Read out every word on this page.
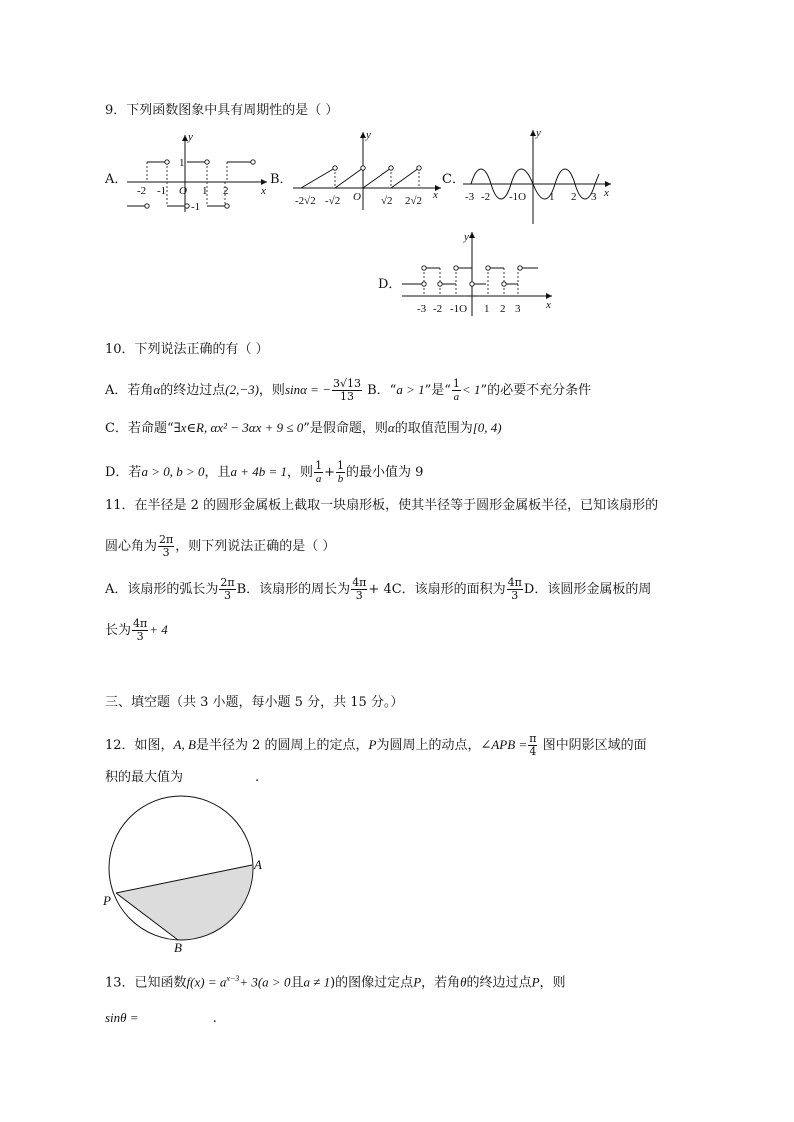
9．下列函数图象中具有周期性的是（ ）
A．
y
x
O
-2 -1	1 2
1
-1
B．
y
x
O
-2√2 -√2	√2 2√2
C．
y
x
-3 -2 -1O 1 2 3
D．
y
x
-3 -2 -1O 1 2 3
10．下列说法正确的有（ ）
A．若角α的终边过点(2,−3)，则sinα = − $\frac{3√13}{13}$ B．“a > 1”是“ $\frac{1}{a} < 1$”的必要不充分条件
C．若命题“∃x∈R, αx² − 3αx + 9 ≤ 0”是假命题，则α的取值范围为[0, 4)
D．若a > 0, b > 0，且a + 4b = 1，则 $\frac{1}{a} + \frac{1}{b}$ 的最小值为 9
11．在半径是 2 的圆形金属板上截取一块扇形板，使其半径等于圆形金属板半径，已知该扇形的
圆心角为 $\frac{2\pi}{3}$ ，则下列说法正确的是（ ）
A．该扇形的弧长为 $\frac{2\pi}{3}$ B．该扇形的周长为 $\frac{4\pi}{3} + 4C$．该扇形的面积为 $\frac{4\pi}{3}$ D．该圆形金属板的周
长为 $\frac{4\pi}{3} + 4$
三、填空题（共 3 小题，每小题 5 分，共 15 分。）
12．如图，A, B是半径为 2 的圆周上的定点，P为圆周上的动点，∠APB = $\frac{\pi}{4}$ 图中阴影区域的面
积的最大值为	.
A
B
P
13．已知函数$f(x) = a^{x-3}+ 3(a > 0$且a ≠ 1)的图像过定点P，若角θ的终边过点P，则
sinθ =	.
